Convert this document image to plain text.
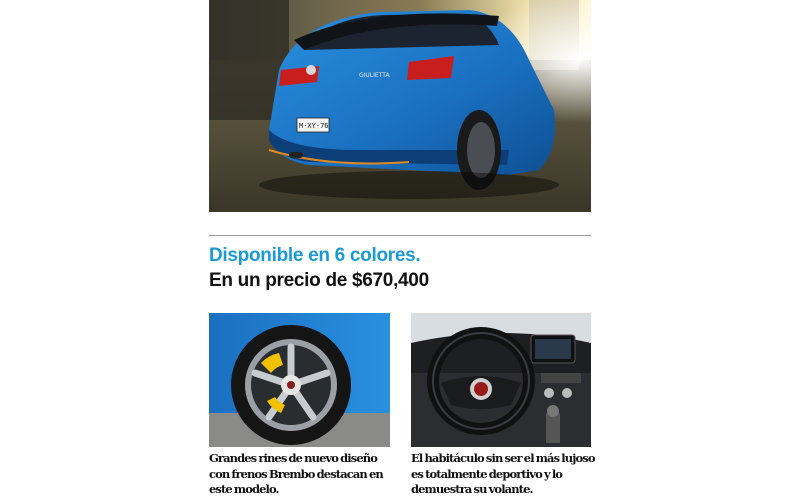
GIULIETTA
M·XY·76
Disponible en 6 colores.
En un precio de $670,400
Grandes rines de nuevo diseño con frenos Brembo destacan en este modelo.
El habitáculo sin ser el más lujoso es totalmente deportivo y lo demuestra su volante.
